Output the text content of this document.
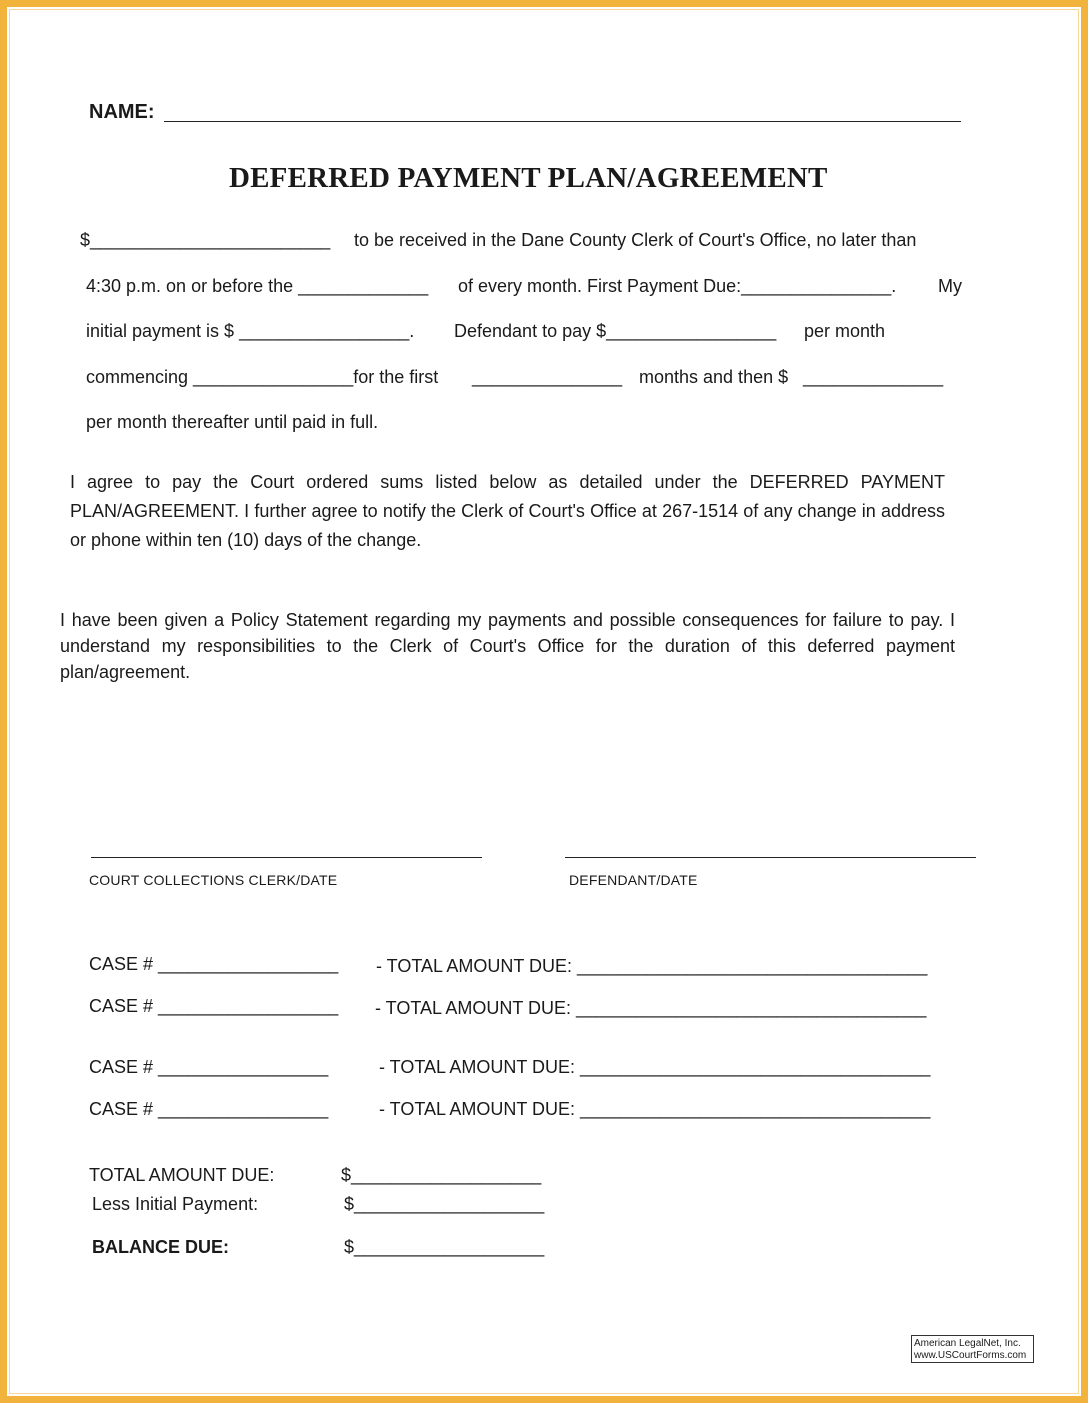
NAME:
DEFERRED PAYMENT PLAN/AGREEMENT
$________________________ to be received in the Dane County Clerk of Court's Office, no later than
4:30 p.m. on or before the _____________ of every month. First Payment Due:_______________. My
initial payment is $ _________________. Defendant to pay $_________________ per month
commencing ________________for the first _______________ months and then $ ______________
per month thereafter until paid in full.
I agree to pay the Court ordered sums listed below as detailed under the DEFERRED PAYMENT PLAN/AGREEMENT. I further agree to notify the Clerk of Court's Office at 267-1514 of any change in address or phone within ten (10) days of the change.
I have been given a Policy Statement regarding my payments and possible consequences for failure to pay. I understand my responsibilities to the Clerk of Court's Office for the duration of this deferred payment plan/agreement.
COURT COLLECTIONS CLERK/DATE	DEFENDANT/DATE
CASE # __________________ - TOTAL AMOUNT DUE: ___________________________________
CASE # __________________ - TOTAL AMOUNT DUE: ___________________________________
CASE # _________________	- TOTAL AMOUNT DUE: ___________________________________
CASE # _________________	- TOTAL AMOUNT DUE: ___________________________________
TOTAL AMOUNT DUE:	$___________________
Less Initial Payment:	$___________________
BALANCE DUE:	$___________________
American LegalNet, Inc.
www.USCourtForms.com
